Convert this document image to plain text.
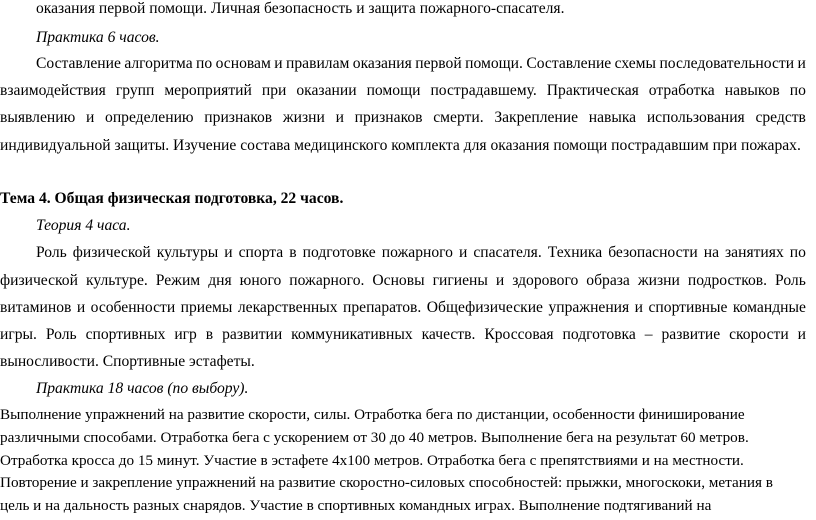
оказания первой помощи. Личная безопасность и защита пожарного-спасателя.
Практика 6 часов.
Составление алгоритма по основам и правилам оказания первой помощи. Составление схемы последовательности и
взаимодействия групп мероприятий при оказании помощи пострадавшему. Практическая отработка навыков по
выявлению и определению признаков жизни и признаков смерти. Закрепление навыка использования средств
индивидуальной защиты. Изучение состава медицинского комплекта для оказания помощи пострадавшим при пожарах.
Тема 4. Общая физическая подготовка, 22 часов.
Теория 4 часа.
Роль физической культуры и спорта в подготовке пожарного и спасателя. Техника безопасности на занятиях по
физической культуре. Режим дня юного пожарного. Основы гигиены и здорового образа жизни подростков. Роль
витаминов и особенности приемы лекарственных препаратов. Общефизические упражнения и спортивные командные
игры. Роль спортивных игр в развитии коммуникативных качеств. Кроссовая подготовка – развитие скорости и
выносливости. Спортивные эстафеты.
Практика 18 часов (по выбору).
Выполнение упражнений на развитие скорости, силы. Отработка бега по дистанции, особенности финиширование
различными способами. Отработка бега с ускорением от 30 до 40 метров. Выполнение бега на результат 60 метров.
Отработка кросса до 15 минут. Участие в эстафете 4х100 метров. Отработка бега с препятствиями и на местности.
Повторение и закрепление упражнений на развитие скоростно-силовых способностей: прыжки, многоскоки, метания в
цель и на дальность разных снарядов. Участие в спортивных командных играх. Выполнение подтягиваний на
